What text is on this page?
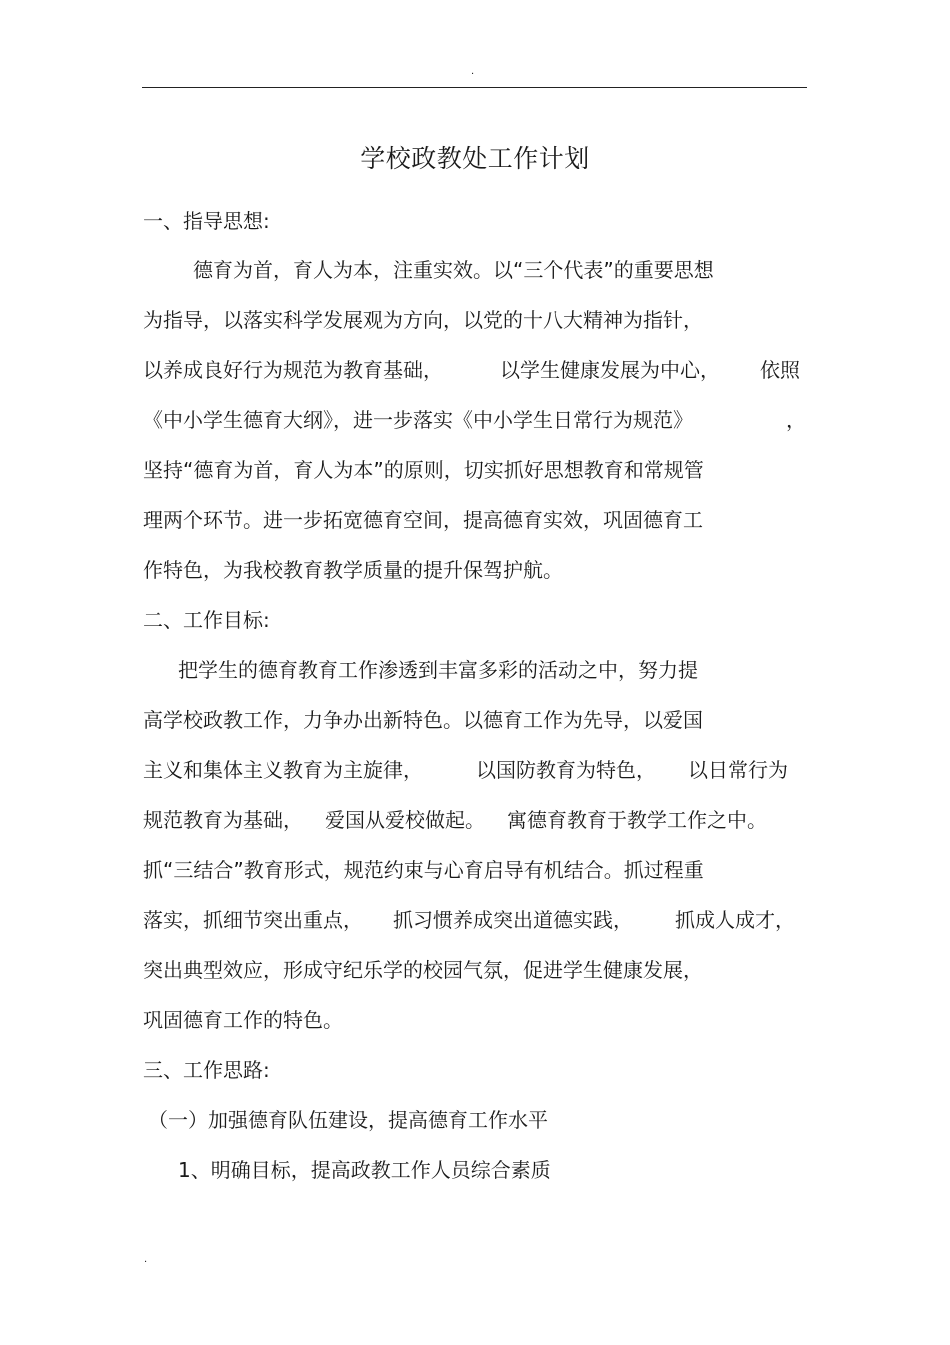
.
学校政教处工作计划
一、指导思想:
德育为首，育人为本，注重实效。以“三个代表”的重要思想
为指导，以落实科学发展观为方向，以党的十八大精神为指针，
以养成良好行为规范为教育基础，	以学生健康发展为中心， 依照
《中小学生德育大纲》，进一步落实《中小学生日常行为规范》	，
坚持“德育为首，育人为本”的原则，切实抓好思想教育和常规管
理两个环节。进一步拓宽德育空间，提高德育实效，巩固德育工
作特色，为我校教育教学质量的提升保驾护航。
二、工作目标:
把学生的德育教育工作渗透到丰富多彩的活动之中，努力提
高学校政教工作，力争办出新特色。以德育工作为先导，以爱国
主义和集体主义教育为主旋律，	以国防教育为特色， 以日常行为
规范教育为基础， 爱国从爱校做起。 寓德育教育于教学工作之中。
抓“三结合”教育形式，规范约束与心育启导有机结合。抓过程重
落实，抓细节突出重点， 抓习惯养成突出道德实践， 抓成人成才，
突出典型效应，形成守纪乐学的校园气氛，促进学生健康发展，
巩固德育工作的特色。
三、工作思路:
（一）加强德育队伍建设，提高德育工作水平
1、明确目标，提高政教工作人员综合素质
.
